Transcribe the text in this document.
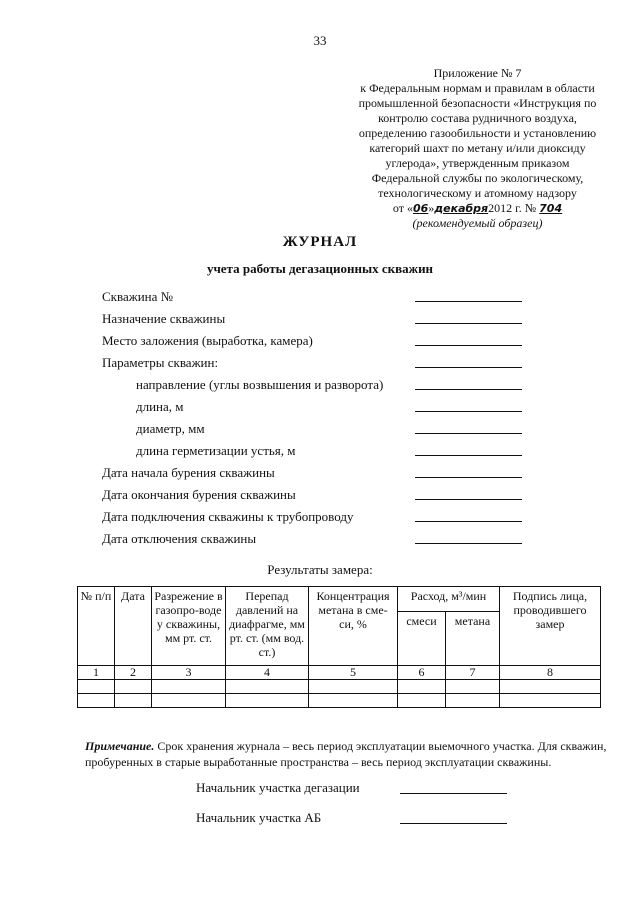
33
Приложение № 7
к Федеральным нормам и правилам в области
промышленной безопасности «Инструкция по
контролю состава рудничного воздуха,
определению газообильности и установлению
категорий шахт по метану и/или диоксиду
углерода», утвержденным приказом
Федеральной службы по экологическому,
технологическому и атомному надзору
от «06»декабря2012 г. № 704
(рекомендуемый образец)
ЖУРНАЛ
учета работы дегазационных скважин
Скважина №
Назначение скважины
Место заложения (выработка, камера)
Параметры скважин:
направление (углы возвышения и разворота)
длина, м
диаметр, мм
длина герметизации устья, м
Дата начала бурения скважины
Дата окончания бурения скважины
Дата подключения скважины к трубопроводу
Дата отключения скважины
Результаты замера:
№ п/п	Дата	Разрежение в газопро-воде у скважины, мм рт. ст.	Перепад давлений на диафрагме, мм рт. ст. (мм вод. ст.)	Концентрация метана в сме-си, %	Расход, м³/мин		Подпись лица, проводившего замер
					смеси	метана	
1	2	3	4	5	6	7	8

Примечание. Срок хранения журнала – весь период эксплуатации выемочного участка. Для скважин, пробуренных в старые выработанные пространства – весь период эксплуатации скважины.
Начальник участка дегазации
Начальник участка АБ
